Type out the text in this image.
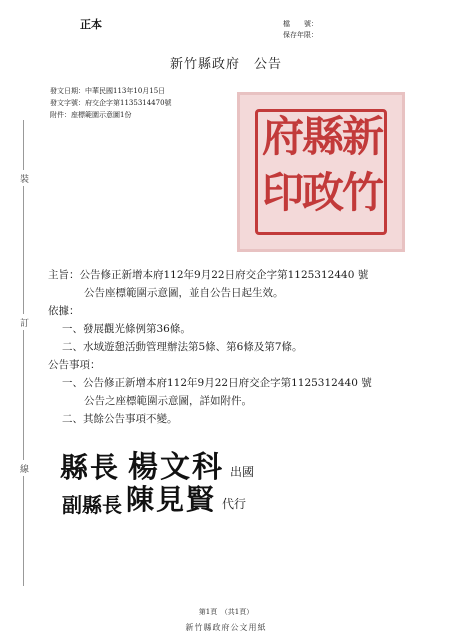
正本	檔　　號：
保存年限：
新竹縣政府　公告
發文日期：中華民國113年10月15日
發文字號：府交企字第1135314470號
附件：座標範圍示意圖1份	新
竹
縣
政
府
印
裝
訂
線
主旨：公告修正新增本府112年9月22日府交企字第1125312440 號
公告座標範圍示意圖，並自公告日起生效。
依據：
一、發展觀光條例第36條。
二、水域遊憩活動管理辦法第5條、第6條及第7條。
公告事項：
一、公告修正新增本府112年9月22日府交企字第1125312440 號
公告之座標範圍示意圖，詳如附件。
二、其餘公告事項不變。
縣長 楊文科 出國
副縣長 陳見賢 代行
第1頁　（共1頁）
新竹縣政府公文用紙
